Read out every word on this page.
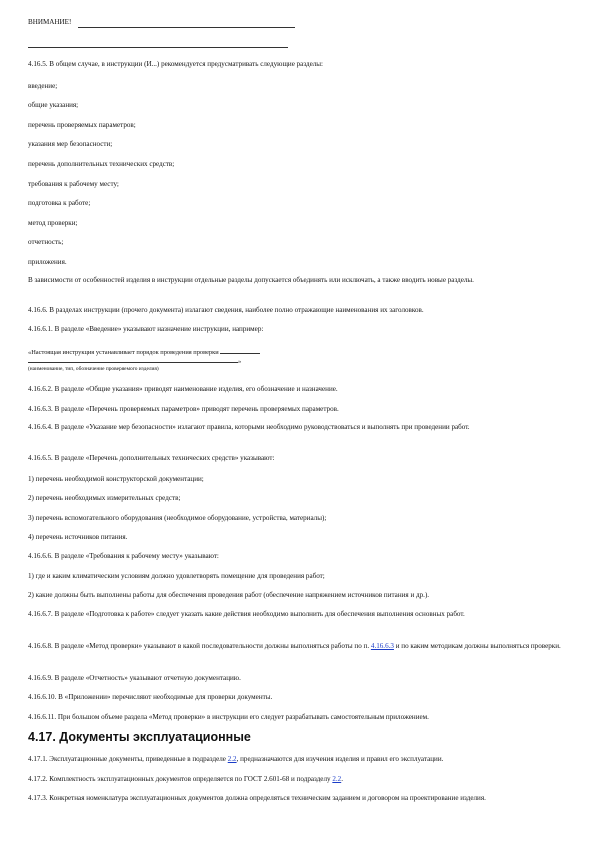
ВНИМАНИЕ!
4.16.5. В общем случае, в инструкции (И...) рекомендуется предусматривать следующие разделы:
введение;
общие указания;
перечень проверяемых параметров;
указания мер безопасности;
перечень дополнительных технических средств;
требования к рабочему месту;
подготовка к работе;
метод проверки;
отчетность;
приложения.
В зависимости от особенностей изделия в инструкции отдельные разделы допускается объединять или исключать, а также вводить новые разделы.
4.16.6. В разделах инструкции (прочего документа) излагают сведения, наиболее полно отражающие наименования их заголовков.
4.16.6.1. В разделе «Введение» указывают назначение инструкции, например:
«Настоящая инструкция устанавливает порядок проведения проверки
»
(наименование, тип, обозначение проверяемого изделия)
4.16.6.2. В разделе «Общие указания» приводят наименование изделия, его обозначение и назначение.
4.16.6.3. В разделе «Перечень проверяемых параметров» приводят перечень проверяемых параметров.
4.16.6.4. В разделе «Указание мер безопасности» излагают правила, которыми необходимо руководствоваться и выполнять при проведении работ.
4.16.6.5. В разделе «Перечень дополнительных технических средств» указывают:
1) перечень необходимой конструкторской документации;
2) перечень необходимых измерительных средств;
3) перечень вспомогательного оборудования (необходимое оборудование, устройства, материалы);
4) перечень источников питания.
4.16.6.6. В разделе «Требования к рабочему месту» указывают:
1) где и каким климатическим условиям должно удовлетворять помещение для проведения работ;
2) какие должны быть выполнены работы для обеспечения проведения работ (обеспечение напряжением источников питания и др.).
4.16.6.7. В разделе «Подготовка к работе» следует указать какие действия необходимо выполнить для обеспечения выполнения основных работ.
4.16.6.8. В разделе «Метод проверки» указывают в какой последовательности должны выполняться работы по п. 4.16.6.3 и по каким методикам должны выполняться проверки.
4.16.6.9. В разделе «Отчетность» указывают отчетную документацию.
4.16.6.10. В «Приложении» перечисляют необходимые для проверки документы.
4.16.6.11. При большом объеме раздела «Метод проверки» в инструкции его следует разрабатывать самостоятельным приложением.
4.17. Документы эксплуатационные
4.17.1. Эксплуатационные документы, приведенные в подразделе 2.2, предназначаются для изучения изделия и правил его эксплуатации.
4.17.2. Комплектность эксплуатационных документов определяется по ГОСТ 2.601-68 и подразделу 2.2.
4.17.3. Конкретная номенклатура эксплуатационных документов должна определяться техническим заданием и договором на проектирование изделия.
